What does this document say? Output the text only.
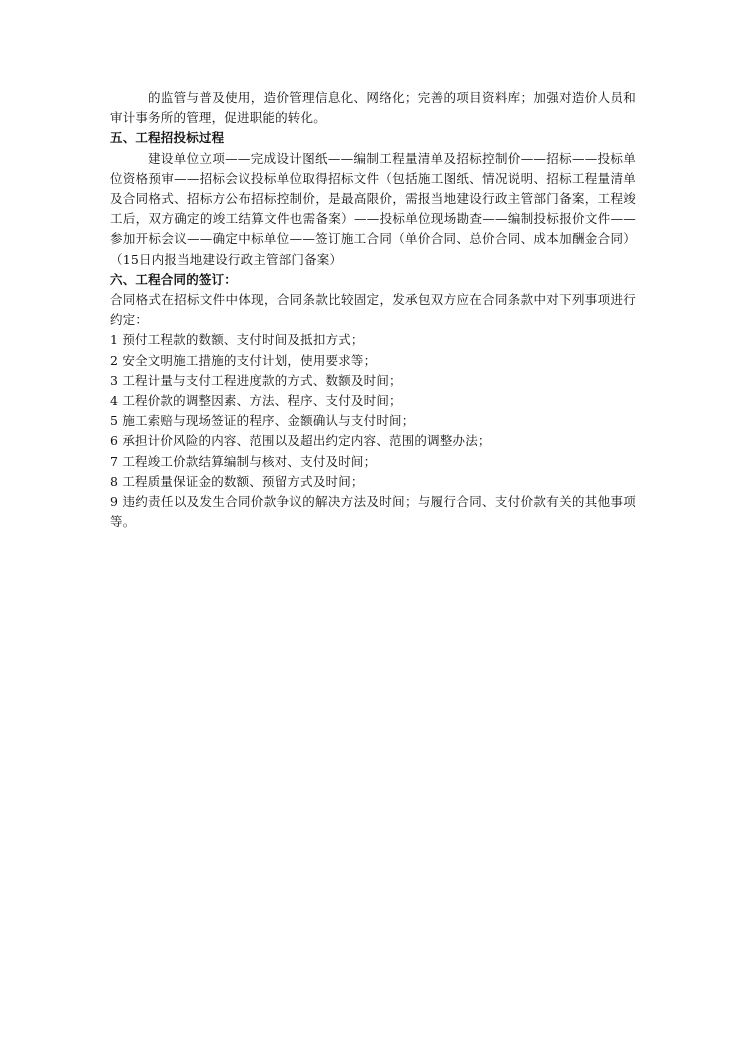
的监管与普及使用，造价管理信息化、网络化；完善的项目资料库；加强对造价人员和审计事务所的管理，促进职能的转化。

五、工程招投标过程

建设单位立项——完成设计图纸——编制工程量清单及招标控制价——招标——投标单位资格预审——招标会议投标单位取得招标文件（包括施工图纸、情况说明、招标工程量清单及合同格式、招标方公布招标控制价，是最高限价，需报当地建设行政主管部门备案，工程竣工后，双方确定的竣工结算文件也需备案）——投标单位现场勘查——编制投标报价文件——参加开标会议——确定中标单位——签订施工合同（单价合同、总价合同、成本加酬金合同）（15日内报当地建设行政主管部门备案）

六、工程合同的签订：

合同格式在招标文件中体现，合同条款比较固定，发承包双方应在合同条款中对下列事项进行约定：

1 预付工程款的数额、支付时间及抵扣方式；

2 安全文明施工措施的支付计划，使用要求等；

3 工程计量与支付工程进度款的方式、数额及时间；

4 工程价款的调整因素、方法、程序、支付及时间；

5 施工索赔与现场签证的程序、金额确认与支付时间；

6 承担计价风险的内容、范围以及超出约定内容、范围的调整办法；

7 工程竣工价款结算编制与核对、支付及时间；

8 工程质量保证金的数额、预留方式及时间；

9 违约责任以及发生合同价款争议的解决方法及时间；与履行合同、支付价款有关的其他事项等。
